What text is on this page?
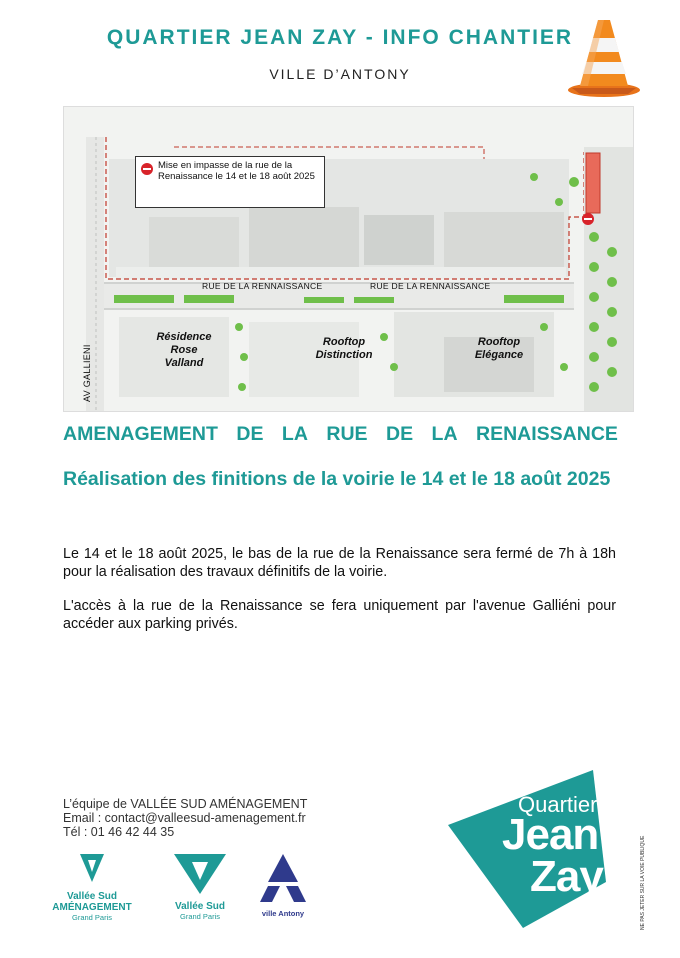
QUARTIER JEAN ZAY - INFO CHANTIER
VILLE D’ANTONY
RUE DE LA RENNAISSANCE	RUE DE LA RENNAISSANCE
AV GALLIENI
Résidence
Rose
Valland
Rooftop
Distinction
Rooftop
Elégance
Mise en impasse de la rue de la Renaissance le 14 et le 18 août 2025
AMENAGEMENT DE LA RUE DE LA RENAISSANCE
Réalisation des finitions de la voirie le 14 et le 18 août 2025
Le 14 et le 18 août 2025, le bas de la rue de la Renaissance sera fermé de 7h à 18h pour la réalisation des travaux définitifs de la voirie.
L'accès à la rue de la Renaissance se fera uniquement par l'avenue Galliéni pour accéder aux parking privés.
L’équipe de VALLÉE SUD AMÉNAGEMENT
Email : contact@valleesud-amenagement.fr
Tél : 01 46 42 44 35
Vallée Sud
AMÉNAGEMENT
Grand Paris
Vallée Sud
Grand Paris	ville Antony
Quartier
Jean
Zay	NE PAS JETER SUR LA VOIE PUBLIQUE
